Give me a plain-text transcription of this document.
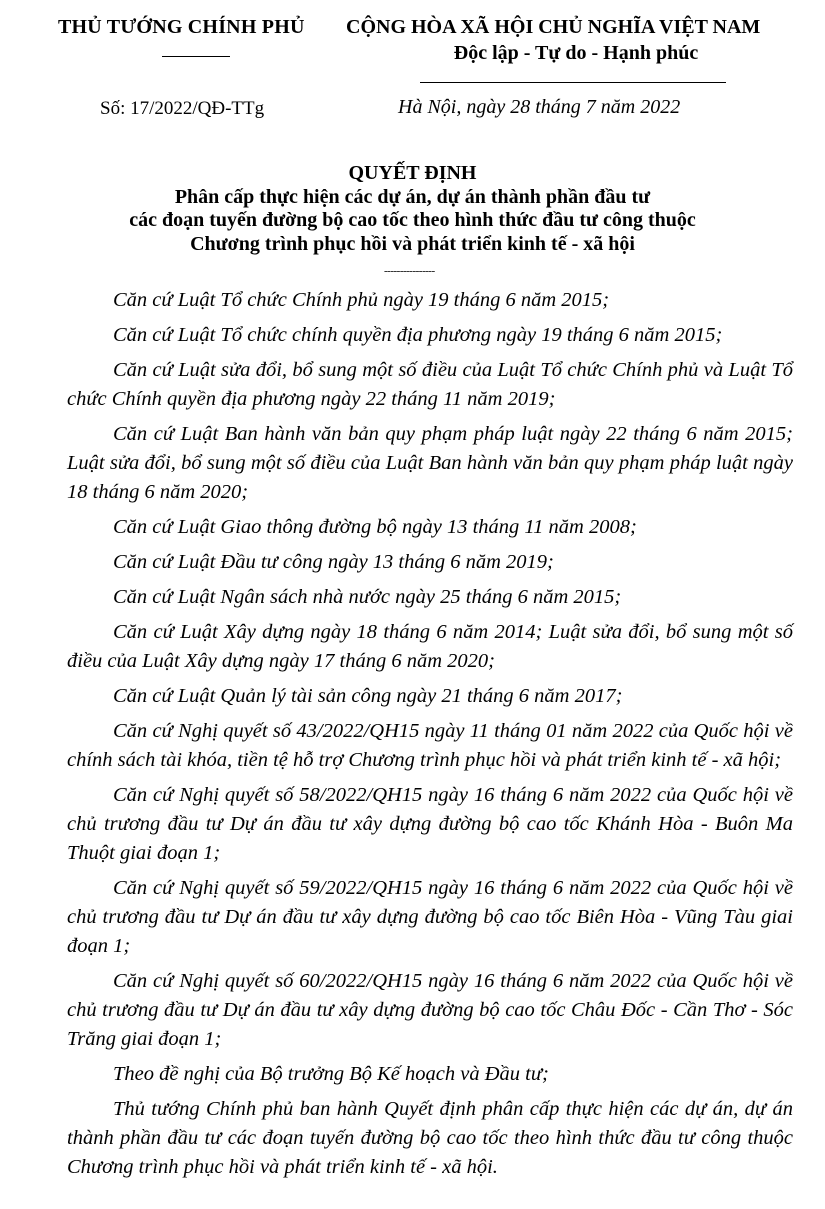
THỦ TƯỚNG CHÍNH PHỦ	CỘNG HÒA XÃ HỘI CHỦ NGHĨA VIỆT NAM
Độc lập - Tự do - Hạnh phúc
Số: 17/2022/QĐ-TTg	Hà Nội, ngày 28 tháng 7 năm 2022
QUYẾT ĐỊNH
Phân cấp thực hiện các dự án, dự án thành phần đầu tư
các đoạn tuyến đường bộ cao tốc theo hình thức đầu tư công thuộc
Chương trình phục hồi và phát triển kinh tế - xã hội
----------------

Căn cứ Luật Tổ chức Chính phủ ngày 19 tháng 6 năm 2015;

Căn cứ Luật Tổ chức chính quyền địa phương ngày 19 tháng 6 năm 2015;

Căn cứ Luật sửa đổi, bổ sung một số điều của Luật Tổ chức Chính phủ và Luật Tổ chức Chính quyền địa phương ngày 22 tháng 11 năm 2019;

Căn cứ Luật Ban hành văn bản quy phạm pháp luật ngày 22 tháng 6 năm 2015; Luật sửa đổi, bổ sung một số điều của Luật Ban hành văn bản quy phạm pháp luật ngày 18 tháng 6 năm 2020;

Căn cứ Luật Giao thông đường bộ ngày 13 tháng 11 năm 2008;

Căn cứ Luật Đầu tư công ngày 13 tháng 6 năm 2019;

Căn cứ Luật Ngân sách nhà nước ngày 25 tháng 6 năm 2015;

Căn cứ Luật Xây dựng ngày 18 tháng 6 năm 2014; Luật sửa đổi, bổ sung một số điều của Luật Xây dựng ngày 17 tháng 6 năm 2020;

Căn cứ Luật Quản lý tài sản công ngày 21 tháng 6 năm 2017;

Căn cứ Nghị quyết số 43/2022/QH15 ngày 11 tháng 01 năm 2022 của Quốc hội về chính sách tài khóa, tiền tệ hỗ trợ Chương trình phục hồi và phát triển kinh tế - xã hội;

Căn cứ Nghị quyết số 58/2022/QH15 ngày 16 tháng 6 năm 2022 của Quốc hội về chủ trương đầu tư Dự án đầu tư xây dựng đường bộ cao tốc Khánh Hòa - Buôn Ma Thuột giai đoạn 1;

Căn cứ Nghị quyết số 59/2022/QH15 ngày 16 tháng 6 năm 2022 của Quốc hội về chủ trương đầu tư Dự án đầu tư xây dựng đường bộ cao tốc Biên Hòa - Vũng Tàu giai đoạn 1;

Căn cứ Nghị quyết số 60/2022/QH15 ngày 16 tháng 6 năm 2022 của Quốc hội về chủ trương đầu tư Dự án đầu tư xây dựng đường bộ cao tốc Châu Đốc - Cần Thơ - Sóc Trăng giai đoạn 1;

Theo đề nghị của Bộ trưởng Bộ Kế hoạch và Đầu tư;

Thủ tướng Chính phủ ban hành Quyết định phân cấp thực hiện các dự án, dự án thành phần đầu tư các đoạn tuyến đường bộ cao tốc theo hình thức đầu tư công thuộc Chương trình phục hồi và phát triển kinh tế - xã hội.
